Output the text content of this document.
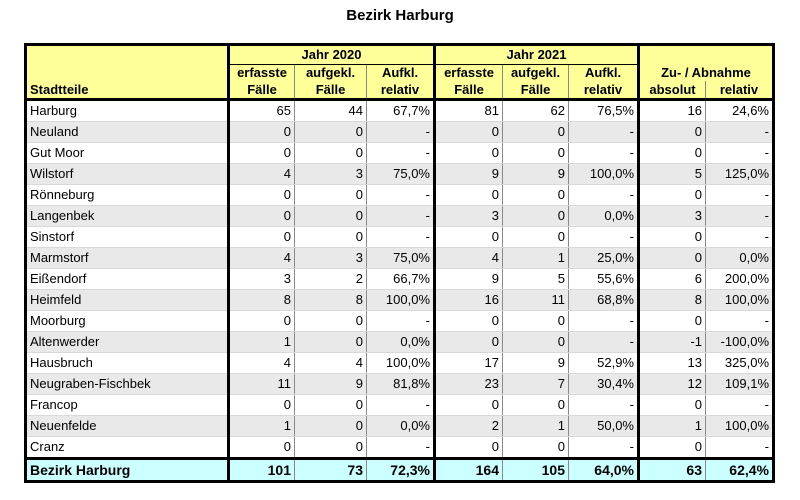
Bezirk Harburg
	Jahr 2020			Jahr 2021				
	erfasste	aufgekl.	Aufkl.	erfasste	aufgekl.	Aufkl.	Zu- / Abnahme	
Stadtteile	Fälle	Fälle	relativ	Fälle	Fälle	relativ	absolut	relativ
Harburg	65	44	67,7%	81	62	76,5%	16	24,6%
Neuland	0	0	-	0	0	-	0	-
Gut Moor	0	0	-	0	0	-	0	-
Wilstorf	4	3	75,0%	9	9	100,0%	5	125,0%
Rönneburg	0	0	-	0	0	-	0	-
Langenbek	0	0	-	3	0	0,0%	3	-
Sinstorf	0	0	-	0	0	-	0	-
Marmstorf	4	3	75,0%	4	1	25,0%	0	0,0%
Eißendorf	3	2	66,7%	9	5	55,6%	6	200,0%
Heimfeld	8	8	100,0%	16	11	68,8%	8	100,0%
Moorburg	0	0	-	0	0	-	0	-
Altenwerder	1	0	0,0%	0	0	-	-1	-100,0%
Hausbruch	4	4	100,0%	17	9	52,9%	13	325,0%
Neugraben-Fischbek	11	9	81,8%	23	7	30,4%	12	109,1%
Francop	0	0	-	0	0	-	0	-
Neuenfelde	1	0	0,0%	2	1	50,0%	1	100,0%
Cranz	0	0	-	0	0	-	0	-
Bezirk Harburg	101	73	72,3%	164	105	64,0%	63	62,4%
